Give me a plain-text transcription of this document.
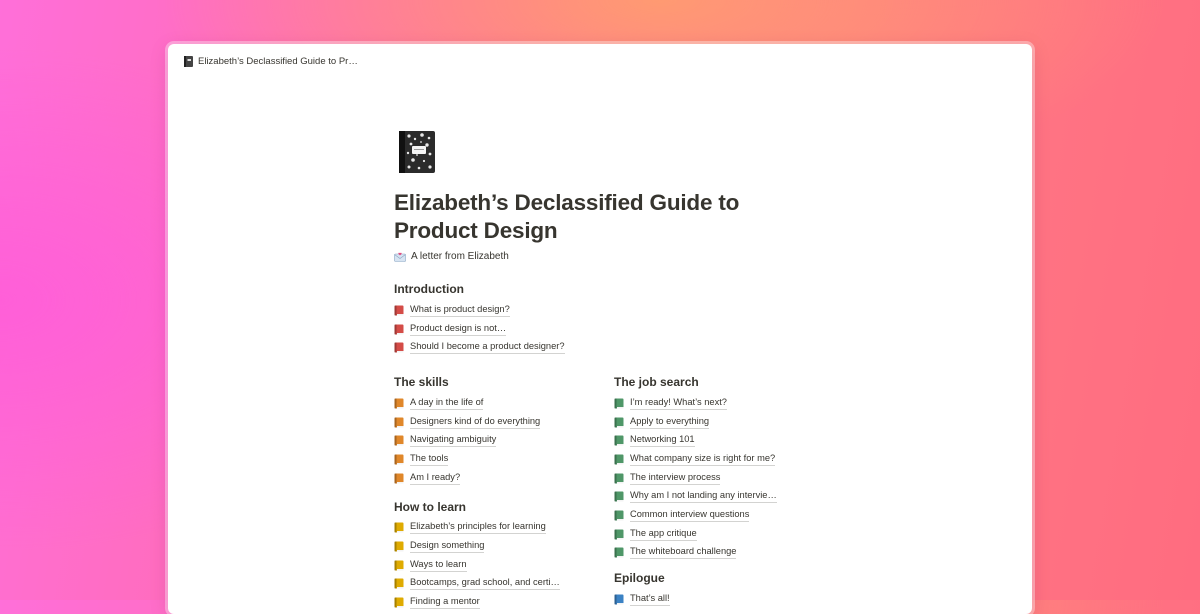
Elizabeth’s Declassified Guide to Pr…
Elizabeth’s Declassified Guide to Product Design
A letter from Elizabeth
Introduction
What is product design?
Product design is not…
Should I become a product designer?
The skills
A day in the life of
Designers kind of do everything
Navigating ambiguity
The tools
Am I ready?
How to learn
Elizabeth’s principles for learning
Design something
Ways to learn
Bootcamps, grad school, and certi…
Finding a mentor
The job search
I’m ready! What’s next?
Apply to everything
Networking 101
What company size is right for me?
The interview process
Why am I not landing any intervie…
Common interview questions
The app critique
The whiteboard challenge
Epilogue
That’s all!
